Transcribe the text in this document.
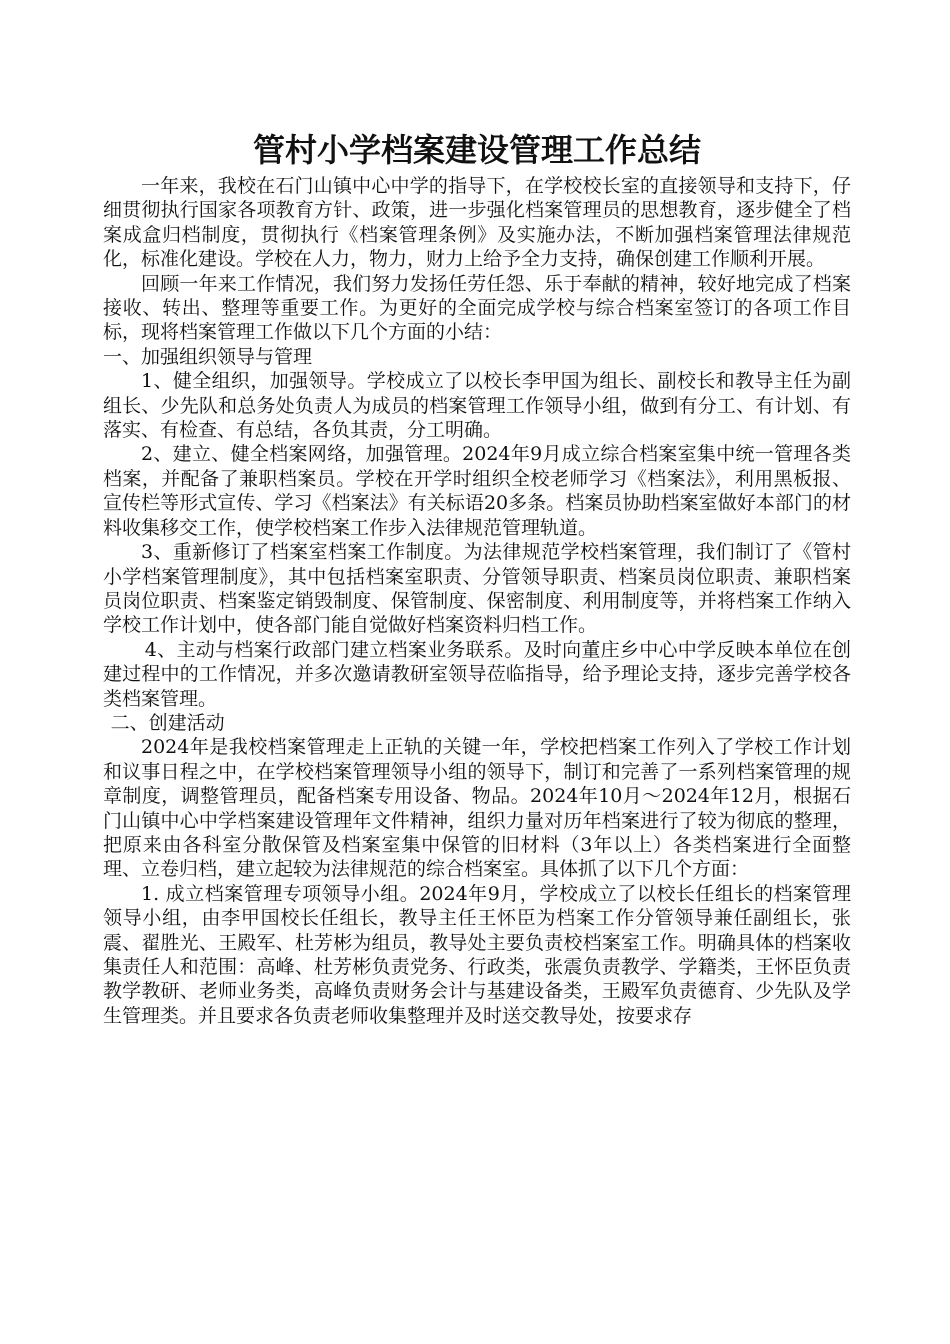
管村小学档案建设管理工作总结

一年来，我校在石门山镇中心中学的指导下，在学校校长室的直接领导和支持下，仔细贯彻执行国家各项教育方针、政策，进一步强化档案管理员的思想教育，逐步健全了档案成盒归档制度，贯彻执行《档案管理条例》及实施办法，不断加强档案管理法律规范化，标准化建设。学校在人力，物力，财力上给予全力支持，确保创建工作顺利开展。

回顾一年来工作情况，我们努力发扬任劳任怨、乐于奉献的精神，较好地完成了档案接收、转出、整理等重要工作。为更好的全面完成学校与综合档案室签订的各项工作目标，现将档案管理工作做以下几个方面的小结：

一、加强组织领导与管理

1、健全组织，加强领导。学校成立了以校长李甲国为组长、副校长和教导主任为副组长、少先队和总务处负责人为成员的档案管理工作领导小组，做到有分工、有计划、有落实、有检查、有总结，各负其责，分工明确。

2、建立、健全档案网络，加强管理。2024年9月成立综合档案室集中统一管理各类档案，并配备了兼职档案员。学校在开学时组织全校老师学习《档案法》，利用黑板报、宣传栏等形式宣传、学习《档案法》有关标语20多条。档案员协助档案室做好本部门的材料收集移交工作，使学校档案工作步入法律规范管理轨道。

3、重新修订了档案室档案工作制度。为法律规范学校档案管理，我们制订了《管村小学档案管理制度》，其中包括档案室职责、分管领导职责、档案员岗位职责、兼职档案员岗位职责、档案鉴定销毁制度、保管制度、保密制度、利用制度等，并将档案工作纳入学校工作计划中，使各部门能自觉做好档案资料归档工作。

4、主动与档案行政部门建立档案业务联系。及时向董庄乡中心中学反映本单位在创建过程中的工作情况，并多次邀请教研室领导莅临指导，给予理论支持，逐步完善学校各类档案管理。

二、创建活动

2024年是我校档案管理走上正轨的关键一年，学校把档案工作列入了学校工作计划和议事日程之中，在学校档案管理领导小组的领导下，制订和完善了一系列档案管理的规章制度，调整管理员，配备档案专用设备、物品。2024年10月～2024年12月，根据石门山镇中心中学档案建设管理年文件精神，组织力量对历年档案进行了较为彻底的整理，把原来由各科室分散保管及档案室集中保管的旧材料（3年以上）各类档案进行全面整理、立卷归档，建立起较为法律规范的综合档案室。具体抓了以下几个方面：

1. 成立档案管理专项领导小组。2024年9月，学校成立了以校长任组长的档案管理领导小组，由李甲国校长任组长，教导主任王怀臣为档案工作分管领导兼任副组长，张震、翟胜光、王殿军、杜芳彬为组员，教导处主要负责校档案室工作。明确具体的档案收集责任人和范围：高峰、杜芳彬负责党务、行政类，张震负责教学、学籍类，王怀臣负责教学教研、老师业务类，高峰负责财务会计与基建设备类，王殿军负责德育、少先队及学生管理类。并且要求各负责老师收集整理并及时送交教导处，按要求存
